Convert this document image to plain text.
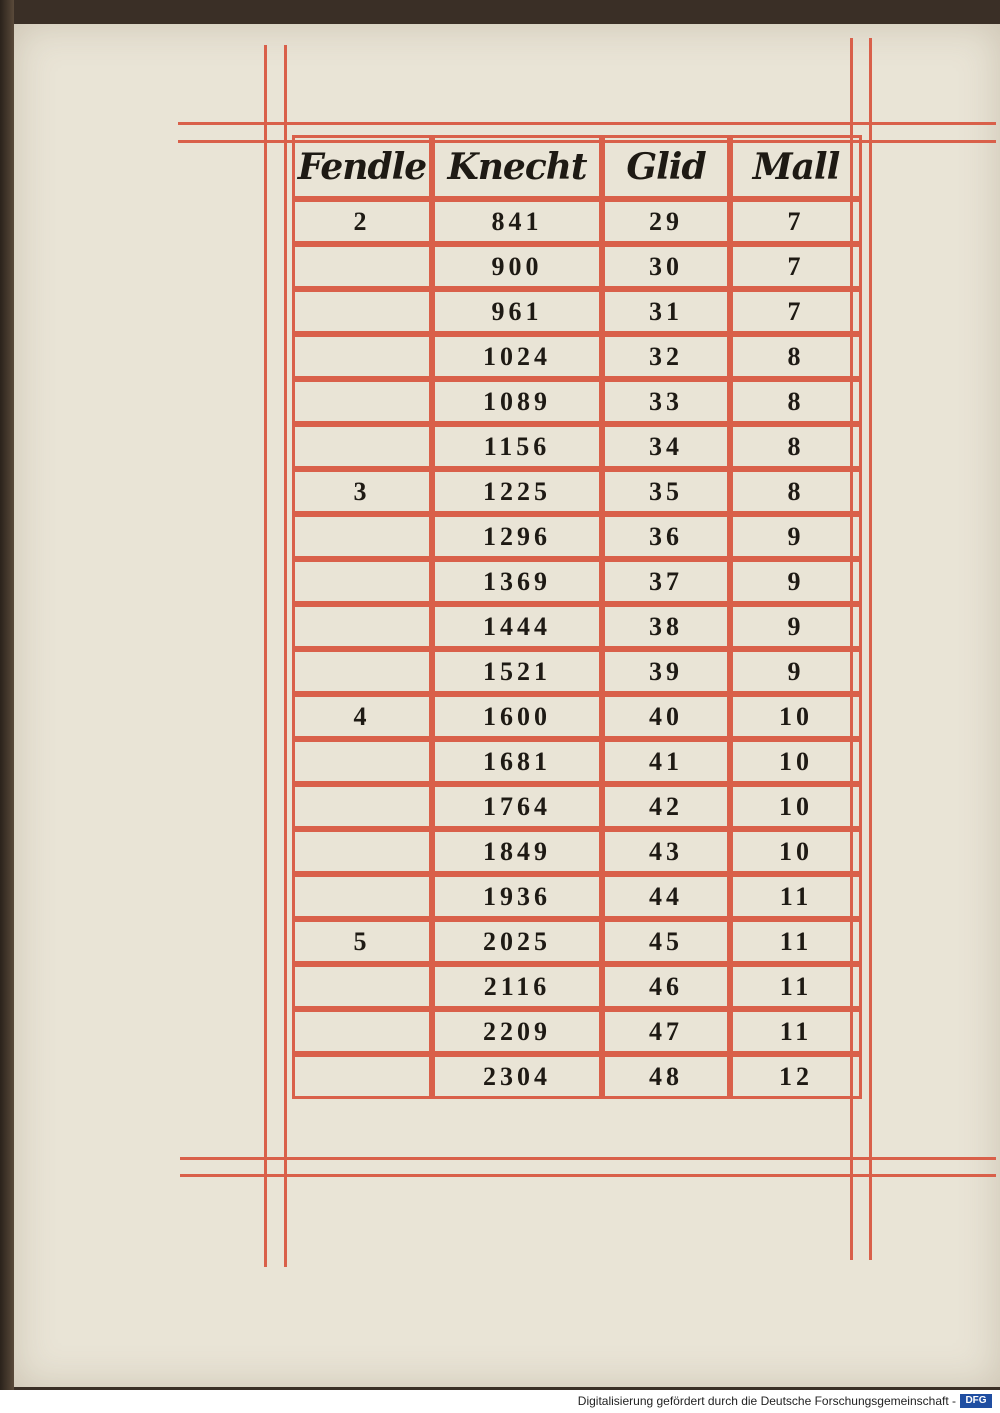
Fendle	Knecht	Glid	Mall
2	841	29	7
	900	30	7
	961	31	7
	1024	32	8
	1089	33	8
	1156	34	8
3	1225	35	8
	1296	36	9
	1369	37	9
	1444	38	9
	1521	39	9
4	1600	40	10
	1681	41	10
	1764	42	10
	1849	43	10
	1936	44	11
5	2025	45	11
	2116	46	11
	2209	47	11
	2304	48	12
Digitalisierung gefördert durch die Deutsche Forschungsgemeinschaft - DFG
